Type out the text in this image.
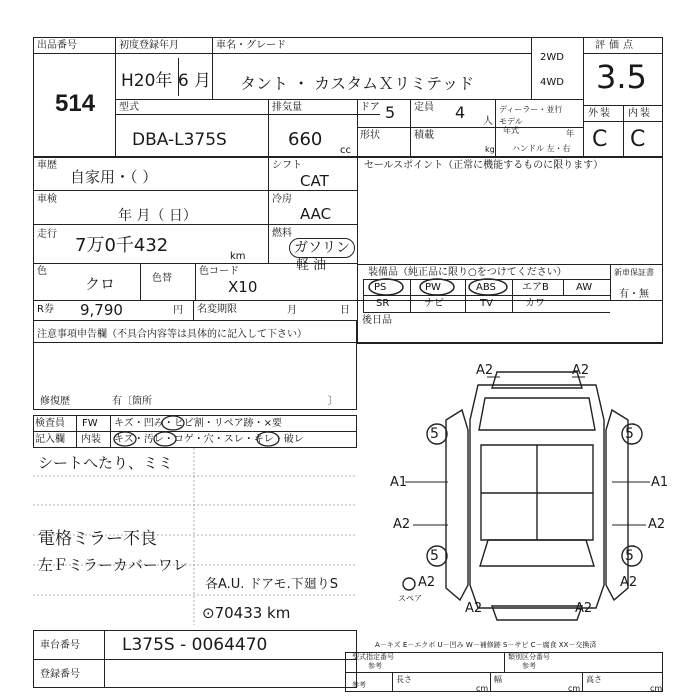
出品番号
514
初度登録年月
H20年 6 月
車名・グレード
タント ・ カスタムＸリミテッド
2WD
4WD
評価点
3.5
型式
DBA-L375S
排気量
660
cc
ドア 5 定員 4 人
形状	積載
kg
ディーラー・並行
モデル
年式	年
ハンドル 左・右
外装 内装
C C
車歴
自家用・（ ）
シフト
CAT
セールスポイント（正常に機能するものに限ります）
車検
年 月（ 日）
冷房
AAC
走行
7万0千432
km
燃料
ガソリン
軽 油
色
クロ	色替
色コード
X10
装備品（純正品に限り○をつけてください）	新車保証書
有・無
PS	PW	ABS	エアB	AW
SR	ナビ	TV	カワ
R券 9,790	円 名変期限	月	日
後日品
注意事項申告欄（不具合内容等は具体的に記入して下さい）
修復歴	有〔箇所	〕
検査員
記入欄
FW キズ・凹み・ヒビ割・リペア跡・×要
内装 キズ・汚レ・コゲ・穴・スレ・キレ・破レ
シートへたり、ミミ
電格ミラー不良
左Ｆミラーカバーワレ
各A.U. ドアモ.下廻りS
⊙70433 km
A2	A2
5	5
A1	A1
A2	A2
5	5
A2	A2
A2	A2
スペア
車台番号 L375S - 0064470
登録番号
A－キズ E－エクボ U－凹み W－補修跡 S－サビ C－腐食 XX－交換済
型式指定番号
参考
類別区分番号
参考
参考
長さ
cm
幅
cm
高さ
cm
